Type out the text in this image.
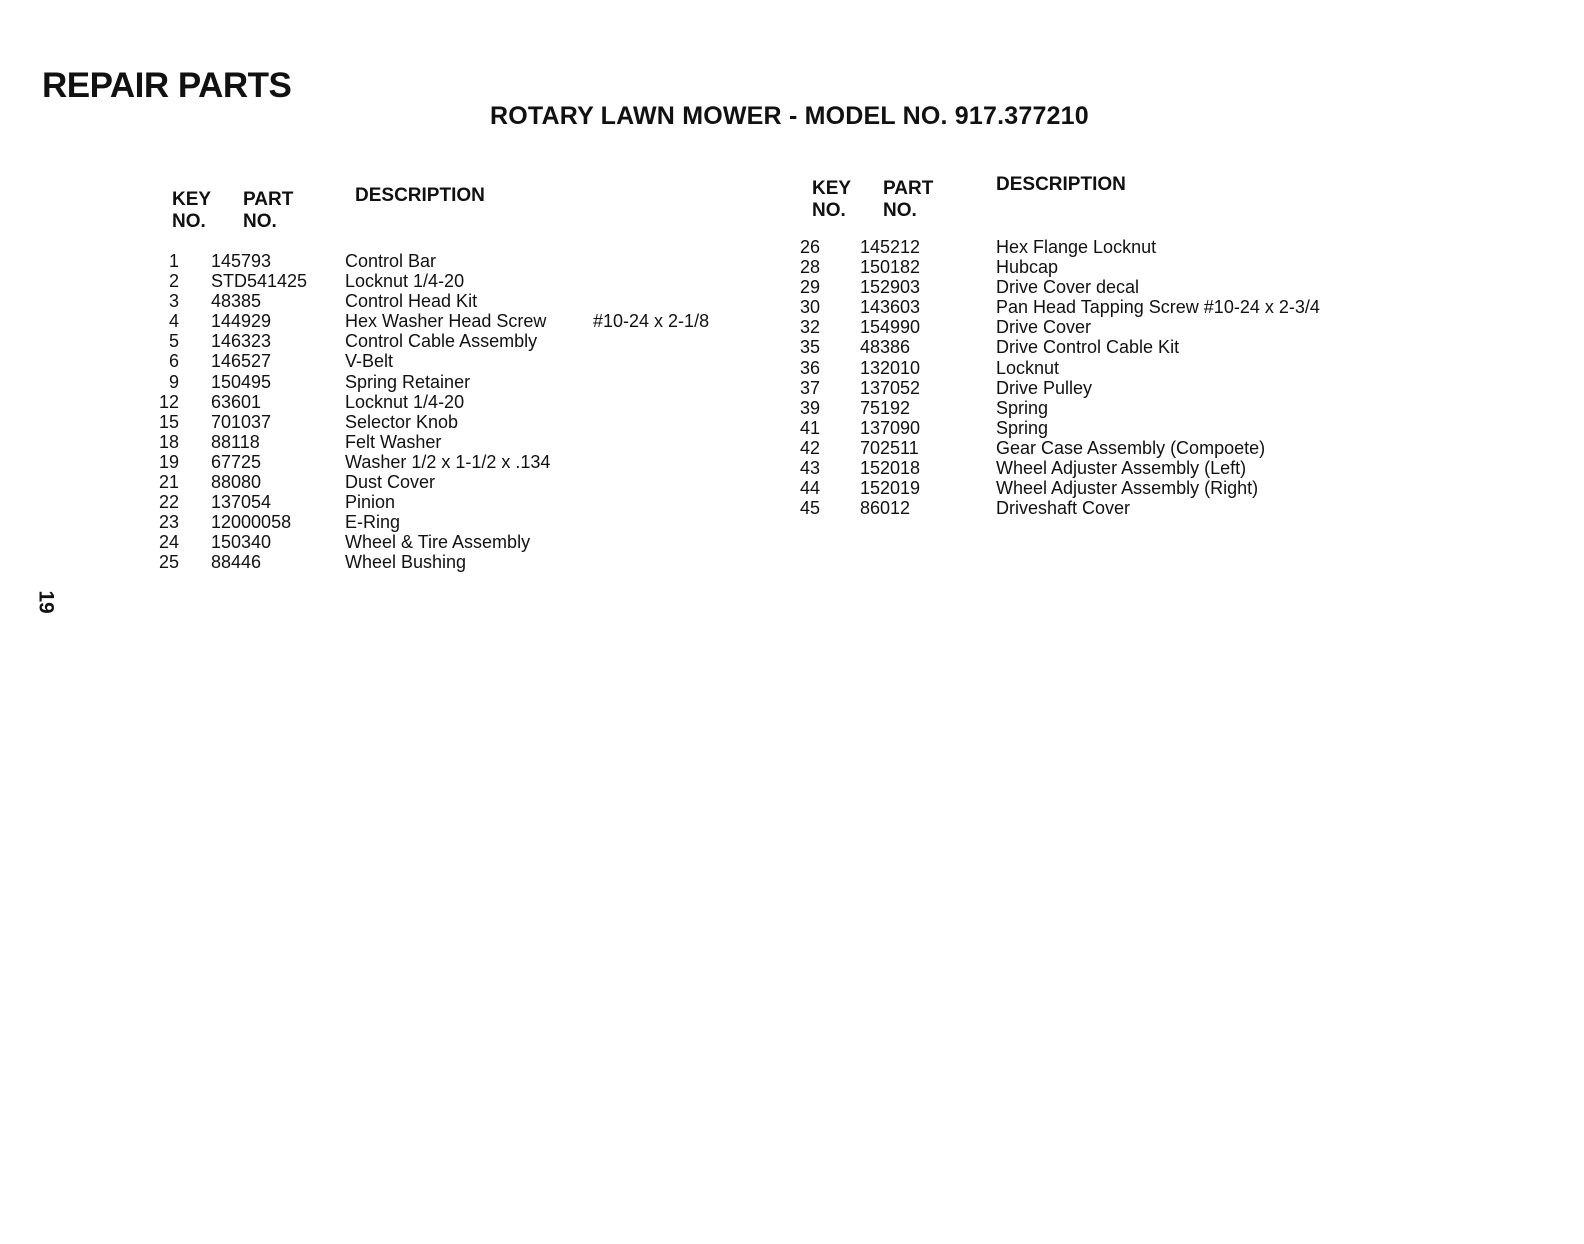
REPAIR PARTS
ROTARY LAWN MOWER - MODEL NO. 917.377210
KEY
NO.
PART
NO.
DESCRIPTION	KEY
NO.
PART
NO.
DESCRIPTION
1 145793	Control Bar
2 STD541425 Locknut 1/4-20
3 48385	Control Head Kit
4 144929	Hex Washer Head Screw	#10-24 x 2-1/8
5 146323	Control Cable Assembly
6 146527	V-Belt
9 150495	Spring Retainer
12 63601	Locknut 1/4-20
15 701037	Selector Knob
18 88118	Felt Washer
19 67725	Washer 1/2 x 1-1/2 x .134
21 88080	Dust Cover
22 137054	Pinion
23 12000058	E-Ring
24 150340	Wheel & Tire Assembly
25 88446	Wheel Bushing
26 145212	Hex Flange Locknut
28 150182	Hubcap
29 152903	Drive Cover decal
30 143603	Pan Head Tapping Screw #10-24 x 2-3/4
32 154990	Drive Cover
35 48386	Drive Control Cable Kit
36 132010	Locknut
37 137052	Drive Pulley
39 75192	Spring
41 137090	Spring
42 702511	Gear Case Assembly (Compoete)
43 152018	Wheel Adjuster Assembly (Left)
44 152019	Wheel Adjuster Assembly (Right)
45 86012	Driveshaft Cover
19
